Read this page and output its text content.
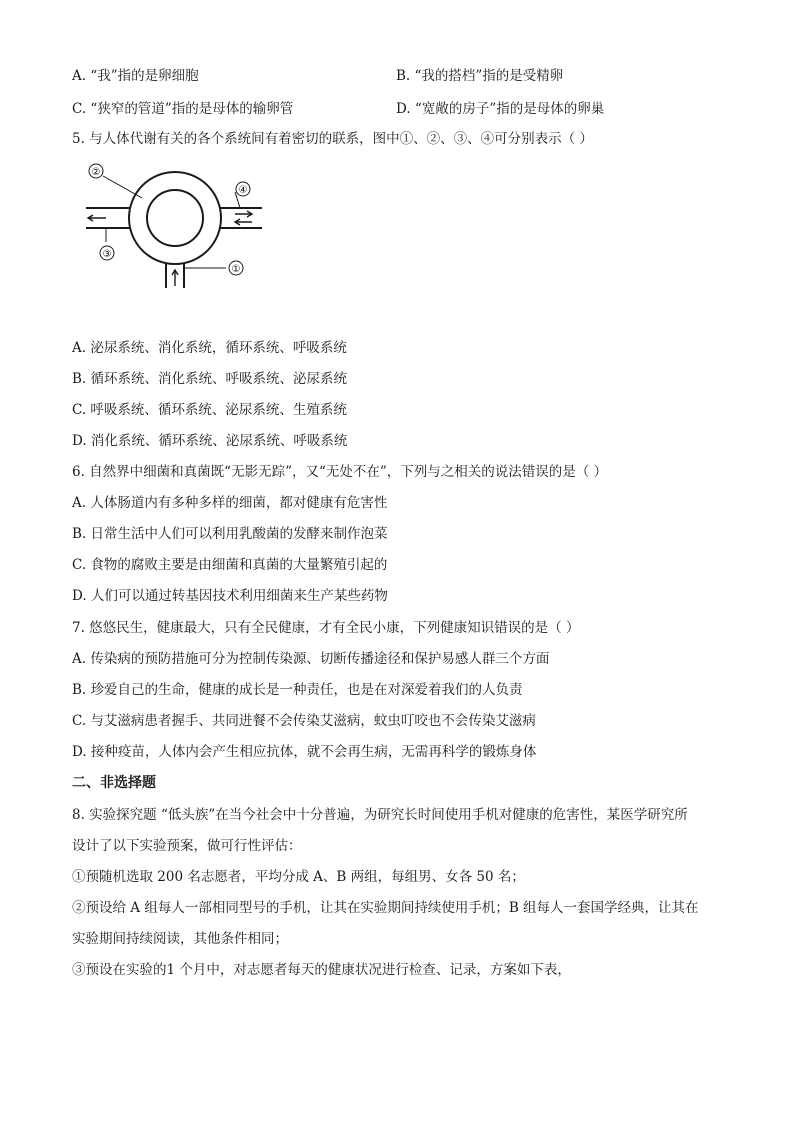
A. “我”指的是卵细胞	B. “我的搭档”指的是受精卵
C. “狭窄的管道”指的是母体的输卵管	D. “宽敞的房子”指的是母体的卵巢
5. 与人体代谢有关的各个系统间有着密切的联系，图中①、②、③、④可分别表示（ ）
②
④
③
①
A. 泌尿系统、消化系统，循环系统、呼吸系统
B. 循环系统、消化系统、呼吸系统、泌尿系统
C. 呼吸系统、循环系统、泌尿系统、生殖系统
D. 消化系统、循环系统、泌尿系统、呼吸系统
6. 自然界中细菌和真菌既“无影无踪”，又“无处不在”，下列与之相关的说法错误的是（ ）
A. 人体肠道内有多种多样的细菌，都对健康有危害性
B. 日常生活中人们可以利用乳酸菌的发酵来制作泡菜
C. 食物的腐败主要是由细菌和真菌的大量繁殖引起的
D. 人们可以通过转基因技术利用细菌来生产某些药物
7. 悠悠民生，健康最大，只有全民健康，才有全民小康，下列健康知识错误的是（ ）
A. 传染病的预防措施可分为控制传染源、切断传播途径和保护易感人群三个方面
B. 珍爱自己的生命，健康的成长是一种责任，也是在对深爱着我们的人负责
C. 与艾滋病患者握手、共同进餐不会传染艾滋病，蚊虫叮咬也不会传染艾滋病
D. 接种疫苗，人体内会产生相应抗体，就不会再生病，无需再科学的锻炼身体
二、非选择题
8. 实验探究题 “低头族”在当今社会中十分普遍，为研究长时间使用手机对健康的危害性，某医学研究所
设计了以下实验预案，做可行性评估：
①预随机选取 200 名志愿者，平均分成 A、B 两组，每组男、女各 50 名；
②预设给 A 组每人一部相同型号的手机，让其在实验期间持续使用手机；B 组每人一套国学经典，让其在
实验期间持续阅读，其他条件相同；
③预设在实验的1 个月中，对志愿者每天的健康状况进行检查、记录，方案如下表，
